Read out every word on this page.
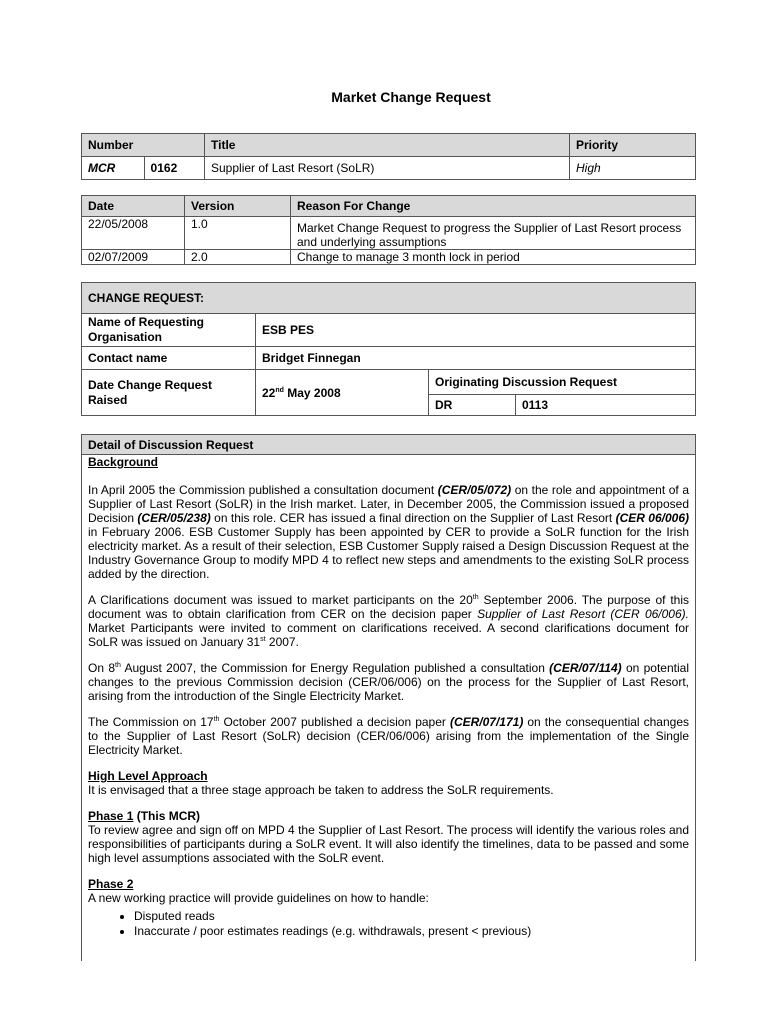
Market Change Request
Number		Title	Priority
MCR	0162	Supplier of Last Resort (SoLR)	High
Date	Version	Reason For Change
22/05/2008	1.0	Market Change Request to progress the Supplier of Last Resort process and underlying assumptions
02/07/2009	2.0	Change to manage 3 month lock in period
CHANGE REQUEST:			
Name of Requesting Organisation	ESB PES		
Contact name	Bridget Finnegan		
Date Change Request Raised	22nd May 2008	Originating Discussion Request	
		DR	0113
Detail of Discussion Request
Background

In April 2005 the Commission published a consultation document (CER/05/072) on the role and appointment of a Supplier of Last Resort (SoLR) in the Irish market. Later, in December 2005, the Commission issued a proposed Decision (CER/05/238) on this role. CER has issued a final direction on the Supplier of Last Resort (CER 06/006) in February 2006. ESB Customer Supply has been appointed by CER to provide a SoLR function for the Irish electricity market. As a result of their selection, ESB Customer Supply raised a Design Discussion Request at the Industry Governance Group to modify MPD 4 to reflect new steps and amendments to the existing SoLR process added by the direction.

A Clarifications document was issued to market participants on the 20th September 2006. The purpose of this document was to obtain clarification from CER on the decision paper Supplier of Last Resort (CER 06/006). Market Participants were invited to comment on clarifications received. A second clarifications document for SoLR was issued on January 31st 2007.

On 8th August 2007, the Commission for Energy Regulation published a consultation (CER/07/114) on potential changes to the previous Commission decision (CER/06/006) on the process for the Supplier of Last Resort, arising from the introduction of the Single Electricity Market.

The Commission on 17th October 2007 published a decision paper (CER/07/171) on the consequential changes to the Supplier of Last Resort (SoLR) decision (CER/06/006) arising from the implementation of the Single Electricity Market.

High Level Approach

It is envisaged that a three stage approach be taken to address the SoLR requirements.

Phase 1 (This MCR)

To review agree and sign off on MPD 4 the Supplier of Last Resort. The process will identify the various roles and responsibilities of participants during a SoLR event. It will also identify the timelines, data to be passed and some high level assumptions associated with the SoLR event.

Phase 2
A new working practice will provide guidelines on how to handle:
• Disputed reads
• Inaccurate / poor estimates readings (e.g. withdrawals, present < previous)
